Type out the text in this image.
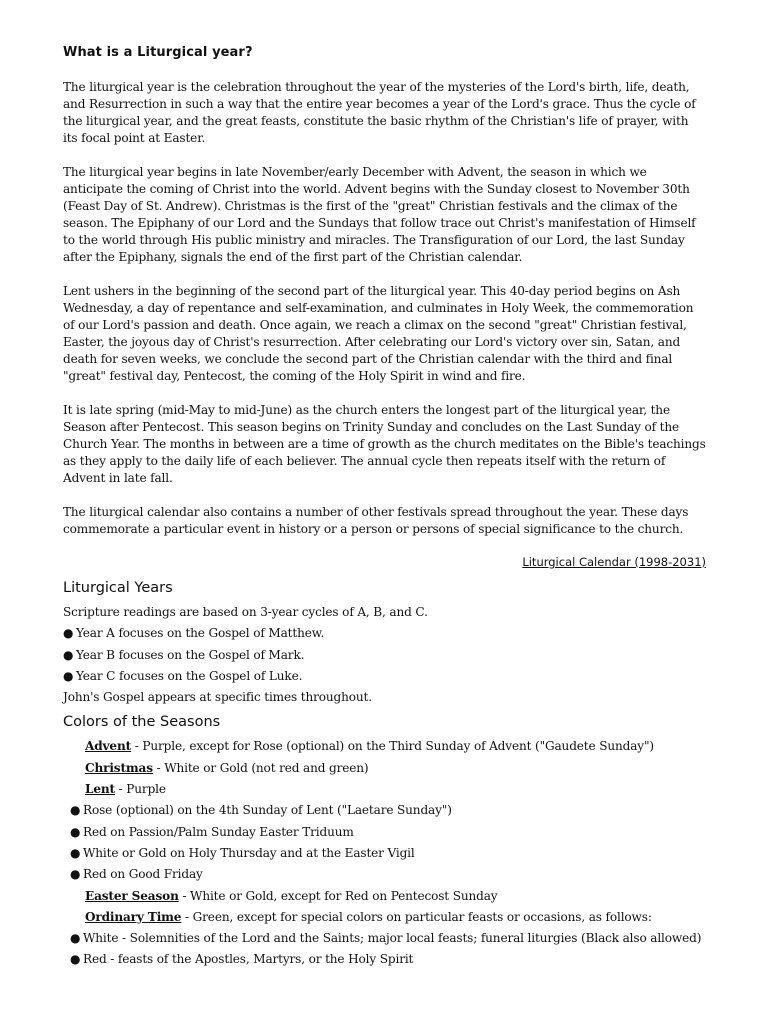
What is a Liturgical year?

The liturgical year is the celebration throughout the year of the mysteries of the Lord's birth, life, death, and Resurrection in such a way that the entire year becomes a year of the Lord's grace. Thus the cycle of the liturgical year, and the great feasts, constitute the basic rhythm of the Christian's life of prayer, with its focal point at Easter.

The liturgical year begins in late November/early December with Advent, the season in which we anticipate the coming of Christ into the world. Advent begins with the Sunday closest to November 30th (Feast Day of St. Andrew). Christmas is the first of the "great" Christian festivals and the climax of the season. The Epiphany of our Lord and the Sundays that follow trace out Christ's manifestation of Himself to the world through His public ministry and miracles. The Transfiguration of our Lord, the last Sunday after the Epiphany, signals the end of the first part of the Christian calendar.

Lent ushers in the beginning of the second part of the liturgical year. This 40-day period begins on Ash Wednesday, a day of repentance and self-examination, and culminates in Holy Week, the commemoration of our Lord's passion and death. Once again, we reach a climax on the second "great" Christian festival, Easter, the joyous day of Christ's resurrection. After celebrating our Lord's victory over sin, Satan, and death for seven weeks, we conclude the second part of the Christian calendar with the third and final "great" festival day, Pentecost, the coming of the Holy Spirit in wind and fire.

It is late spring (mid-May to mid-June) as the church enters the longest part of the liturgical year, the Season after Pentecost. This season begins on Trinity Sunday and concludes on the Last Sunday of the Church Year. The months in between are a time of growth as the church meditates on the Bible's teachings as they apply to the daily life of each believer. The annual cycle then repeats itself with the return of Advent in late fall.

The liturgical calendar also contains a number of other festivals spread throughout the year. These days commemorate a particular event in history or a person or persons of special significance to the church.

Liturgical Calendar (1998-2031)
Liturgical Years
Scripture readings are based on 3-year cycles of A, B, and C.
● Year A focuses on the Gospel of Matthew.
● Year B focuses on the Gospel of Mark.
● Year C focuses on the Gospel of Luke.
John's Gospel appears at specific times throughout.
Colors of the Seasons
Advent - Purple, except for Rose (optional) on the Third Sunday of Advent ("Gaudete Sunday")
Christmas - White or Gold (not red and green)
Lent - Purple
● Rose (optional) on the 4th Sunday of Lent ("Laetare Sunday")
● Red on Passion/Palm Sunday Easter Triduum
● White or Gold on Holy Thursday and at the Easter Vigil
● Red on Good Friday
Easter Season - White or Gold, except for Red on Pentecost Sunday
Ordinary Time - Green, except for special colors on particular feasts or occasions, as follows:
● White - Solemnities of the Lord and the Saints; major local feasts; funeral liturgies (Black also allowed)
● Red - feasts of the Apostles, Martyrs, or the Holy Spirit
